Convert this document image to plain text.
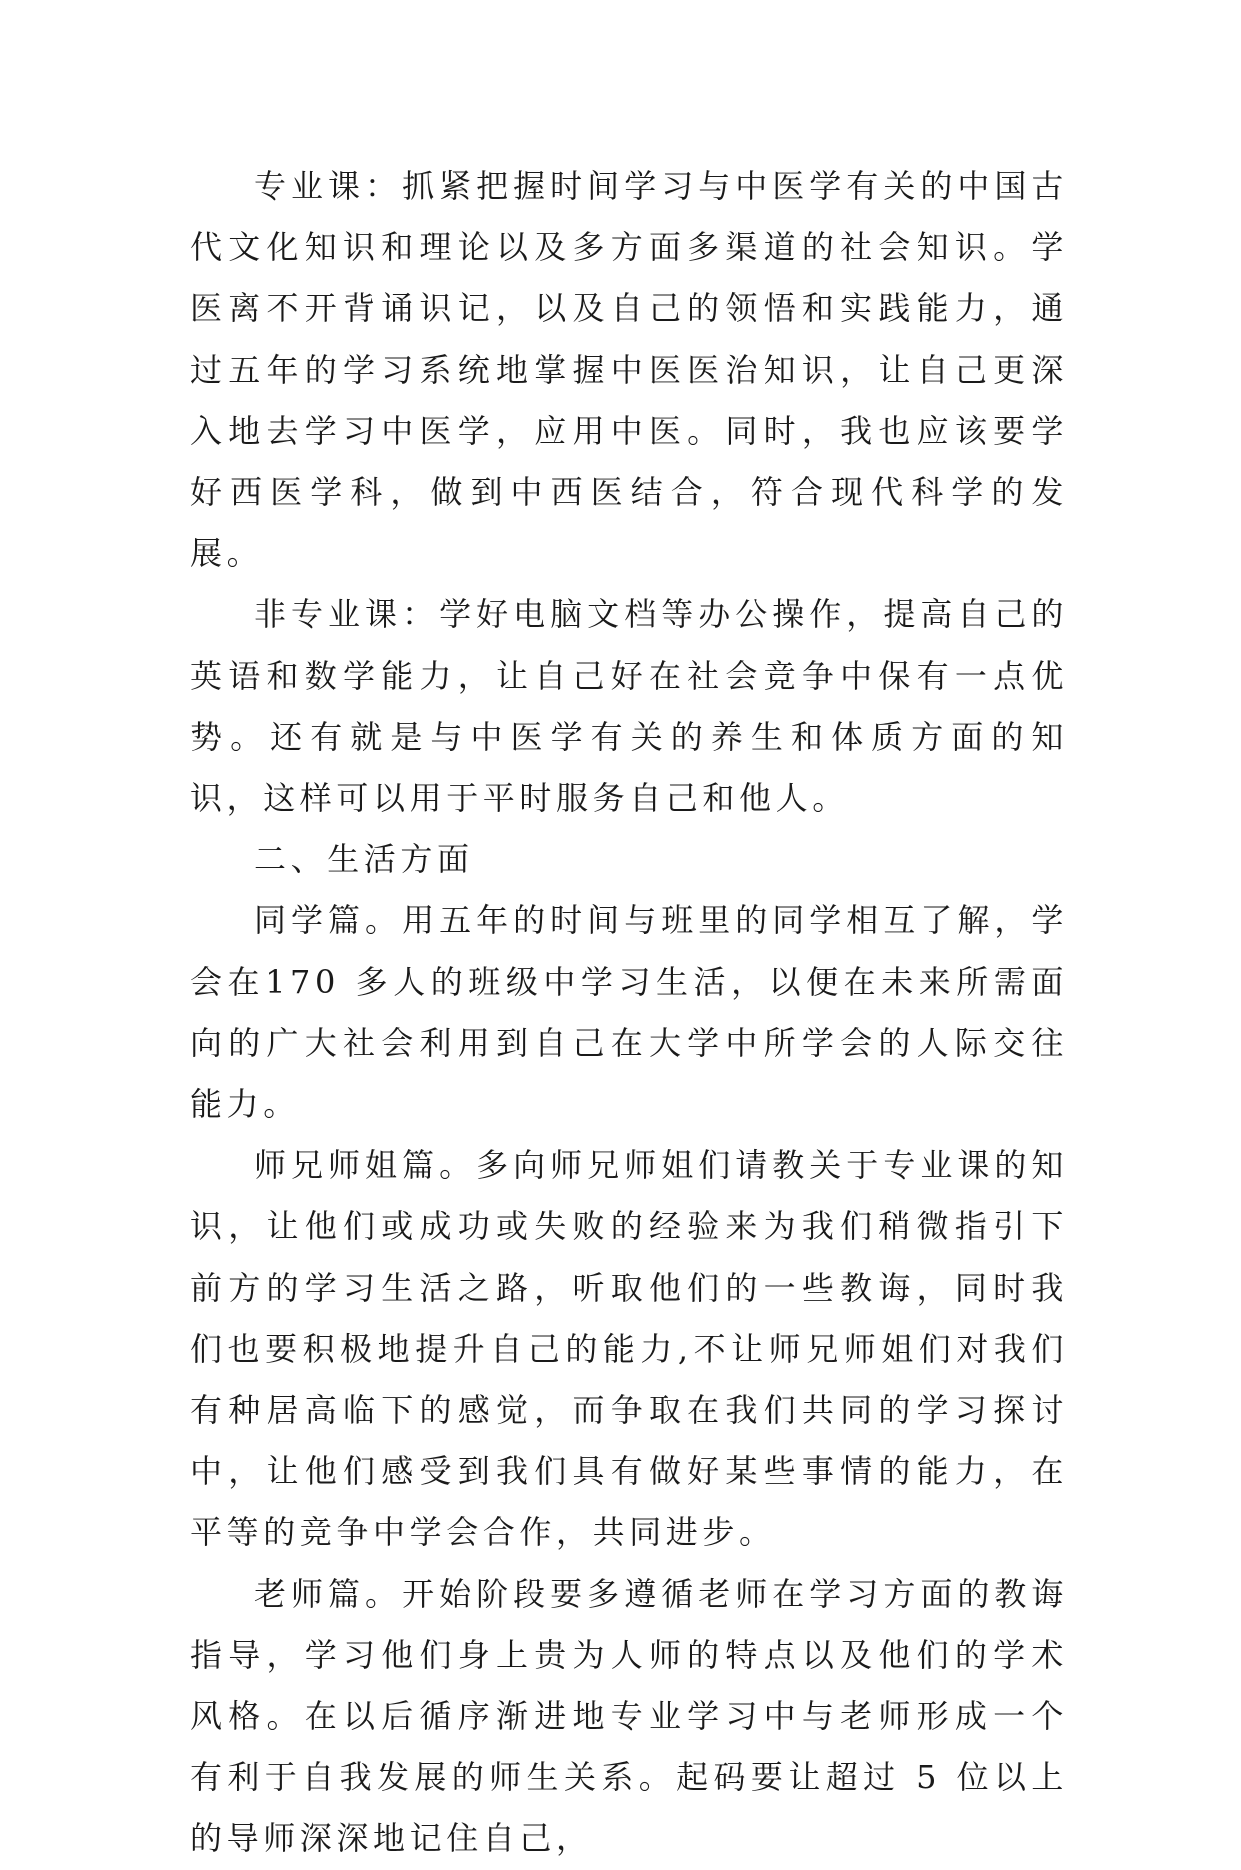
专业课：抓紧把握时间学习与中医学有关的中国古代文化知识和理论以及多方面多渠道的社会知识。学医离不开背诵识记，以及自己的领悟和实践能力，通过五年的学习系统地掌握中医医治知识，让自己更深入地去学习中医学，应用中医。同时，我也应该要学好西医学科，做到中西医结合，符合现代科学的发展。

非专业课：学好电脑文档等办公操作，提高自己的英语和数学能力，让自己好在社会竞争中保有一点优势。还有就是与中医学有关的养生和体质方面的知识，这样可以用于平时服务自己和他人。

二、生活方面

同学篇。用五年的时间与班里的同学相互了解，学会在170 多人的班级中学习生活，以便在未来所需面向的广大社会利用到自己在大学中所学会的人际交往能力。

师兄师姐篇。多向师兄师姐们请教关于专业课的知识，让他们或成功或失败的经验来为我们稍微指引下前方的学习生活之路，听取他们的一些教诲，同时我们也要积极地提升自己的能力,不让师兄师姐们对我们有种居高临下的感觉，而争取在我们共同的学习探讨中，让他们感受到我们具有做好某些事情的能力，在平等的竞争中学会合作，共同进步。

老师篇。开始阶段要多遵循老师在学习方面的教诲指导，学习他们身上贵为人师的特点以及他们的学术风格。在以后循序渐进地专业学习中与老师形成一个有利于自我发展的师生关系。起码要让超过 5 位以上的导师深深地记住自己，
